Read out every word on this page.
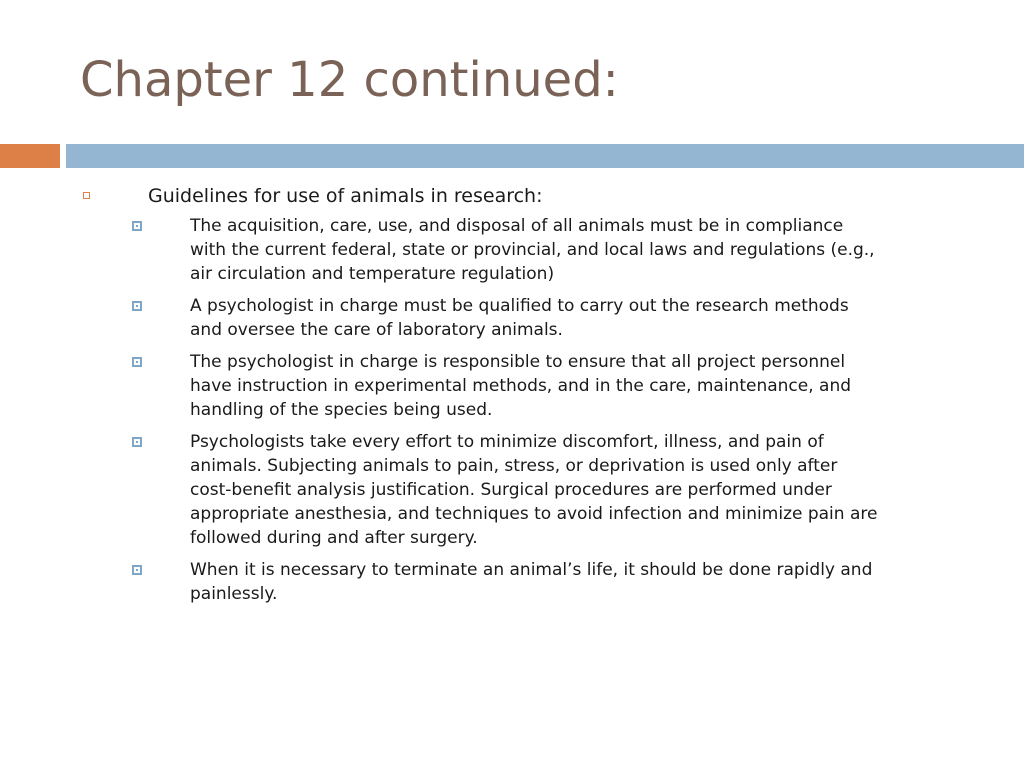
Chapter 12 continued:
Guidelines for use of animals in research:
The acquisition, care, use, and disposal of all animals must be in compliance with the current federal, state or provincial, and local laws and regulations (e.g., air circulation and temperature regulation)
A psychologist in charge must be qualified to carry out the research methods and oversee the care of laboratory animals.
The psychologist in charge is responsible to ensure that all project personnel have instruction in experimental methods, and in the care, maintenance, and handling of the species being used.
Psychologists take every effort to minimize discomfort, illness, and pain of animals. Subjecting animals to pain, stress, or deprivation is used only after cost-benefit analysis justification. Surgical procedures are performed under appropriate anesthesia, and techniques to avoid infection and minimize pain are followed during and after surgery.
When it is necessary to terminate an animal’s life, it should be done rapidly and painlessly.
